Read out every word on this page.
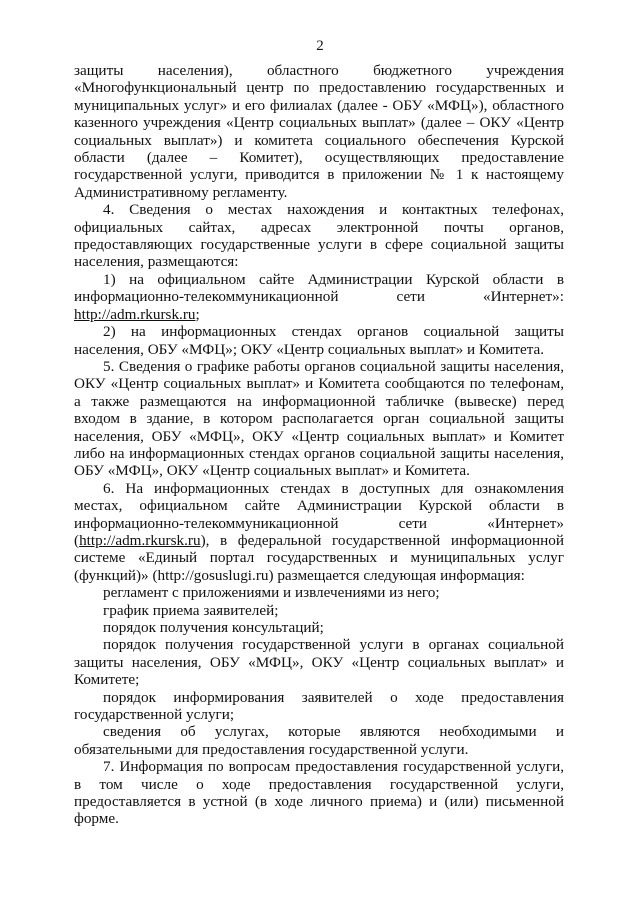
2

защиты населения), областного бюджетного учреждения «Многофункциональный центр по предоставлению государственных и муниципальных услуг» и его филиалах (далее - ОБУ «МФЦ»), областного казенного учреждения «Центр социальных выплат» (далее – ОКУ «Центр социальных выплат») и комитета социального обеспечения Курской области (далее – Комитет), осуществляющих предоставление государственной услуги, приводится в приложении № 1 к настоящему Административному регламенту.

4. Сведения о местах нахождения и контактных телефонах, официальных сайтах, адресах электронной почты органов, предоставляющих государственные услуги в сфере социальной защиты населения, размещаются:

1) на официальном сайте Администрации Курской области в информационно-телекоммуникационной сети «Интернет»: http://adm.rkursk.ru;

2) на информационных стендах органов социальной защиты населения, ОБУ «МФЦ»; ОКУ «Центр социальных выплат» и Комитета.

5. Сведения о графике работы органов социальной защиты населения, ОКУ «Центр социальных выплат» и Комитета сообщаются по телефонам, а также размещаются на информационной табличке (вывеске) перед входом в здание, в котором располагается орган социальной защиты населения, ОБУ «МФЦ», ОКУ «Центр социальных выплат» и Комитет либо на информационных стендах органов социальной защиты населения, ОБУ «МФЦ», ОКУ «Центр социальных выплат» и Комитета.

6. На информационных стендах в доступных для ознакомления местах, официальном сайте Администрации Курской области в информационно-телекоммуникационной сети «Интернет» (http://adm.rkursk.ru), в федеральной государственной информационной системе «Единый портал государственных и муниципальных услуг (функций)» (http://gosuslugi.ru) размещается следующая информация:

регламент с приложениями и извлечениями из него;

график приема заявителей;

порядок получения консультаций;

порядок получения государственной услуги в органах социальной защиты населения, ОБУ «МФЦ», ОКУ «Центр социальных выплат» и Комитете;

порядок информирования заявителей о ходе предоставления государственной услуги;

сведения об услугах, которые являются необходимыми и обязательными для предоставления государственной услуги.

7. Информация по вопросам предоставления государственной услуги, в том числе о ходе предоставления государственной услуги, предоставляется в устной (в ходе личного приема) и (или) письменной форме.
